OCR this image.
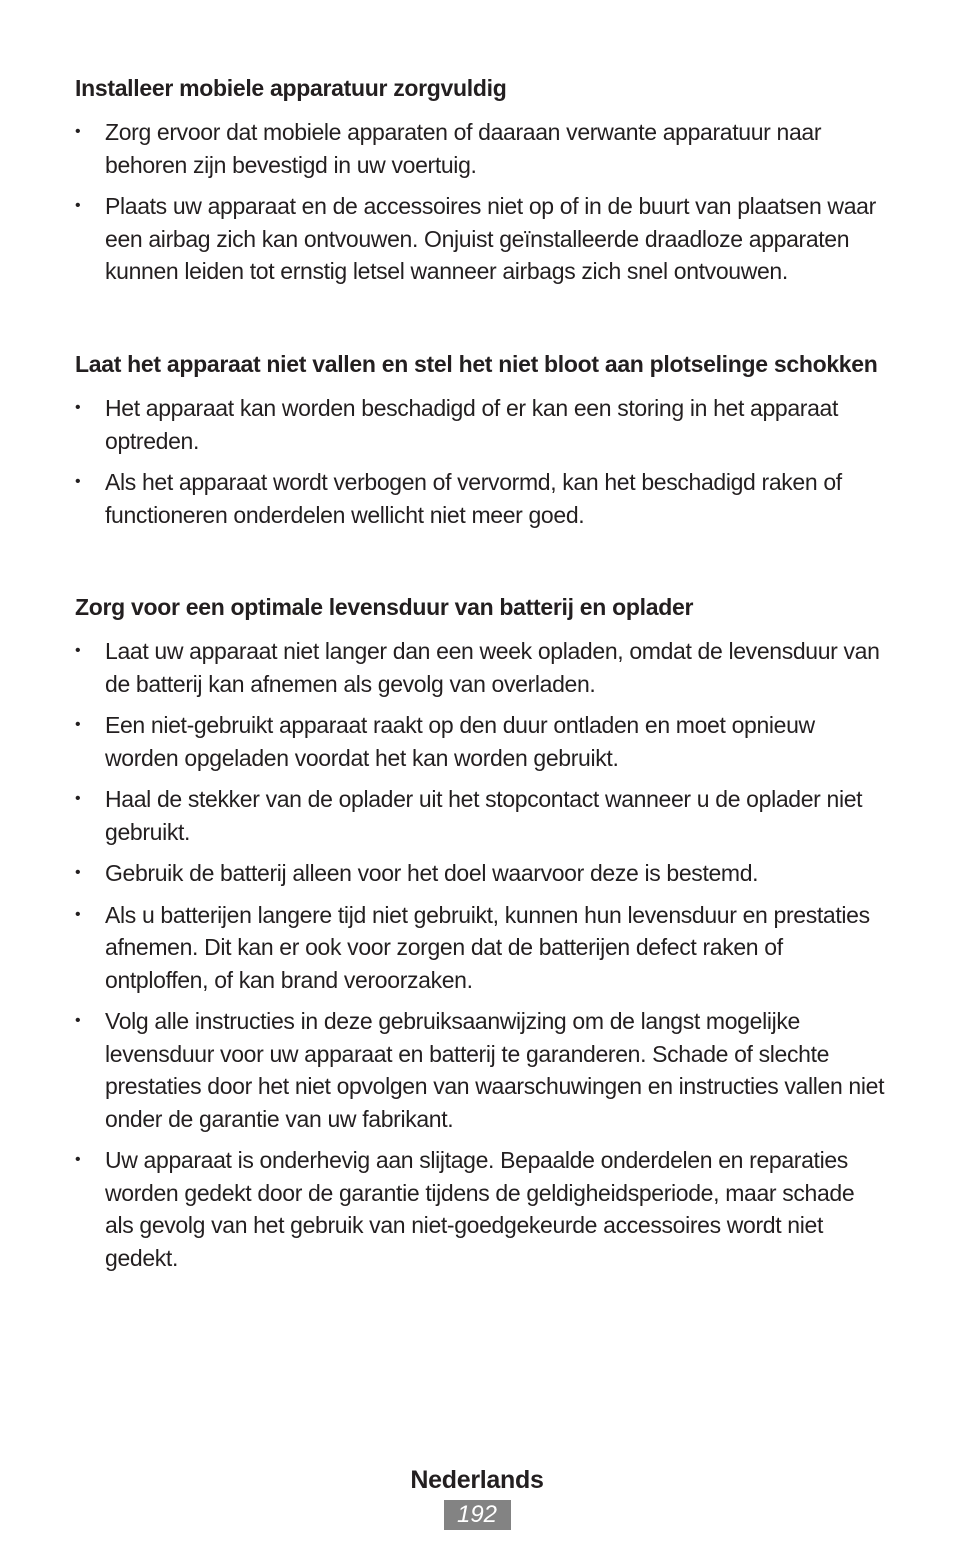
Installeer mobiele apparatuur zorgvuldig
• Zorg ervoor dat mobiele apparaten of daaraan verwante apparatuur naar behoren zijn bevestigd in uw voertuig.
• Plaats uw apparaat en de accessoires niet op of in de buurt van plaatsen waar een airbag zich kan ontvouwen. Onjuist geïnstalleerde draadloze apparaten kunnen leiden tot ernstig letsel wanneer airbags zich snel ontvouwen.
Laat het apparaat niet vallen en stel het niet bloot aan plotselinge schokken
• Het apparaat kan worden beschadigd of er kan een storing in het apparaat optreden.
• Als het apparaat wordt verbogen of vervormd, kan het beschadigd raken of functioneren onderdelen wellicht niet meer goed.
Zorg voor een optimale levensduur van batterij en oplader
• Laat uw apparaat niet langer dan een week opladen, omdat de levensduur van de batterij kan afnemen als gevolg van overladen.
• Een niet-gebruikt apparaat raakt op den duur ontladen en moet opnieuw worden opgeladen voordat het kan worden gebruikt.
• Haal de stekker van de oplader uit het stopcontact wanneer u de oplader niet gebruikt.
• Gebruik de batterij alleen voor het doel waarvoor deze is bestemd.
• Als u batterijen langere tijd niet gebruikt, kunnen hun levensduur en prestaties afnemen. Dit kan er ook voor zorgen dat de batterijen defect raken of ontploffen, of kan brand veroorzaken.
• Volg alle instructies in deze gebruiksaanwijzing om de langst mogelijke levensduur voor uw apparaat en batterij te garanderen. Schade of slechte prestaties door het niet opvolgen van waarschuwingen en instructies vallen niet onder de garantie van uw fabrikant.
• Uw apparaat is onderhevig aan slijtage. Bepaalde onderdelen en reparaties worden gedekt door de garantie tijdens de geldigheidsperiode, maar schade als gevolg van het gebruik van niet-goedgekeurde accessoires wordt niet gedekt.
Nederlands
192
